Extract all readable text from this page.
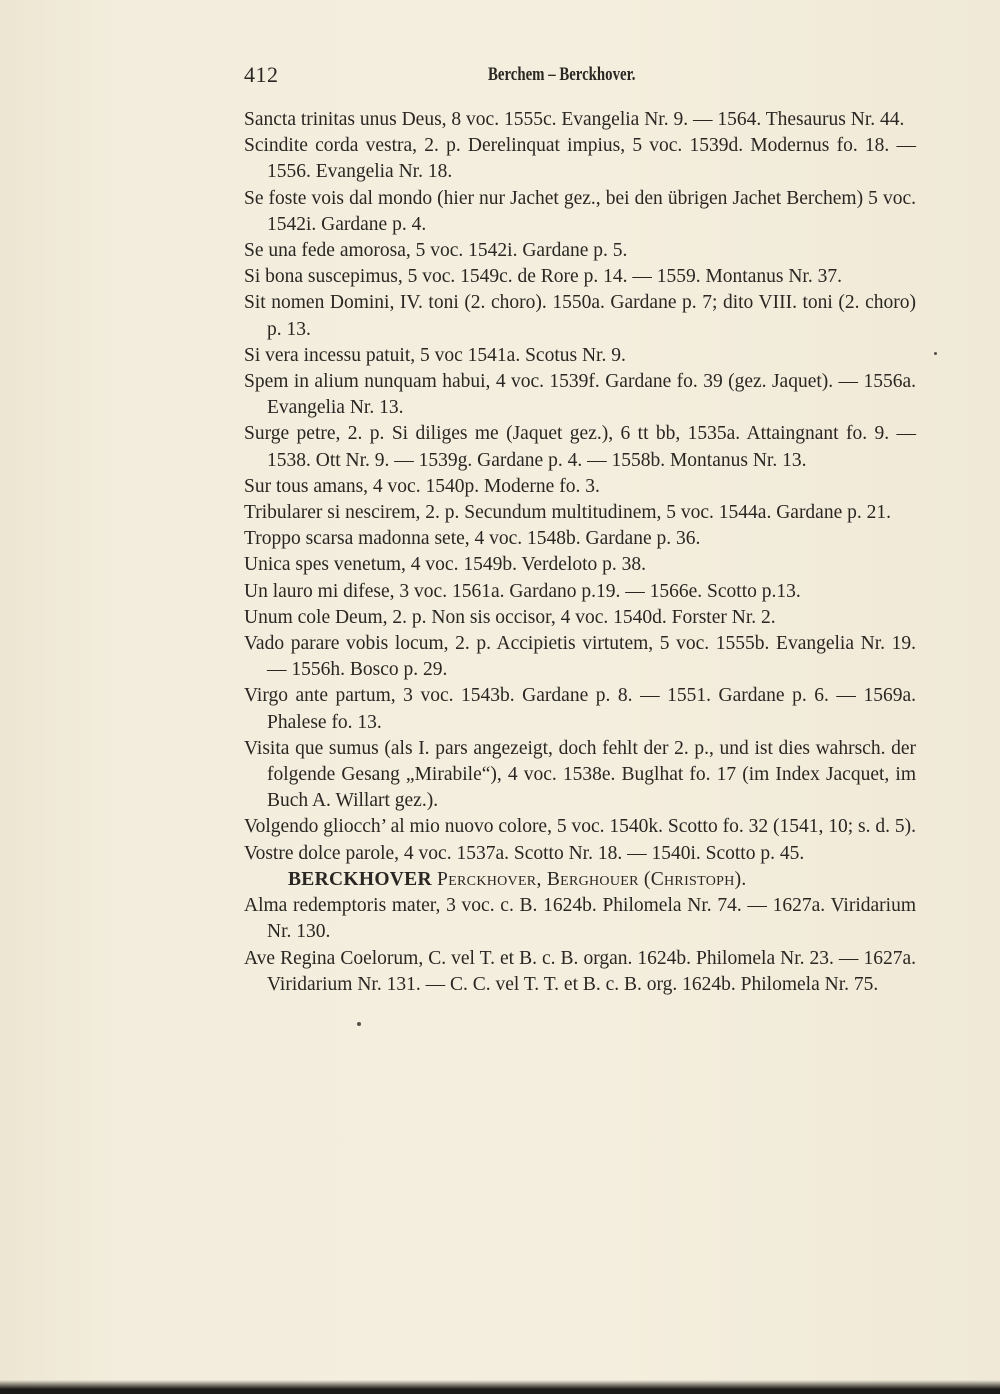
412	Berchem – Berckhover.
Sancta trinitas unus Deus, 8 voc. 1555c. Evangelia Nr. 9. — 1564. Thesaurus Nr. 44.
Scindite corda vestra, 2. p. Derelinquat impius, 5 voc. 1539d. Modernus fo. 18. — 1556. Evangelia Nr. 18.
Se foste vois dal mondo (hier nur Jachet gez., bei den übrigen Jachet Berchem) 5 voc. 1542i. Gardane p. 4.
Se una fede amorosa, 5 voc. 1542i. Gardane p. 5.
Si bona suscepimus, 5 voc. 1549c. de Rore p. 14. — 1559. Montanus Nr. 37.
Sit nomen Domini, IV. toni (2. choro). 1550a. Gardane p. 7; dito VIII. toni (2. choro) p. 13.
Si vera incessu patuit, 5 voc 1541a. Scotus Nr. 9.
Spem in alium nunquam habui, 4 voc. 1539f. Gardane fo. 39 (gez. Jaquet). — 1556a. Evangelia Nr. 13.
Surge petre, 2. p. Si diliges me (Jaquet gez.), 6 tt bb, 1535a. Attaingnant fo. 9. — 1538. Ott Nr. 9. — 1539g. Gardane p. 4. — 1558b. Montanus Nr. 13.
Sur tous amans, 4 voc. 1540p. Moderne fo. 3.
Tribularer si nescirem, 2. p. Secundum multitudinem, 5 voc. 1544a. Gardane p. 21.
Troppo scarsa madonna sete, 4 voc. 1548b. Gardane p. 36.
Unica spes venetum, 4 voc. 1549b. Verdeloto p. 38.
Un lauro mi difese, 3 voc. 1561a. Gardano p.19. — 1566e. Scotto p.13.
Unum cole Deum, 2. p. Non sis occisor, 4 voc. 1540d. Forster Nr. 2.
Vado parare vobis locum, 2. p. Accipietis virtutem, 5 voc. 1555b. Evangelia Nr. 19. — 1556h. Bosco p. 29.
Virgo ante partum, 3 voc. 1543b. Gardane p. 8. — 1551. Gardane p. 6. — 1569a. Phalese fo. 13.
Visita que sumus (als I. pars angezeigt, doch fehlt der 2. p., und ist dies wahrsch. der folgende Gesang „Mirabile“), 4 voc. 1538e. Buglhat fo. 17 (im Index Jacquet, im Buch A. Willart gez.).
Volgendo gliocch’ al mio nuovo colore, 5 voc. 1540k. Scotto fo. 32 (1541, 10; s. d. 5).
Vostre dolce parole, 4 voc. 1537a. Scotto Nr. 18. — 1540i. Scotto p. 45.
BERCKHOVER Perckhover, Berghouer (Christoph).
Alma redemptoris mater, 3 voc. c. B. 1624b. Philomela Nr. 74. — 1627a. Viridarium Nr. 130.
Ave Regina Coelorum, C. vel T. et B. c. B. organ. 1624b. Philomela Nr. 23. — 1627a. Viridarium Nr. 131. — C. C. vel T. T. et B. c. B. org. 1624b. Philomela Nr. 75.
